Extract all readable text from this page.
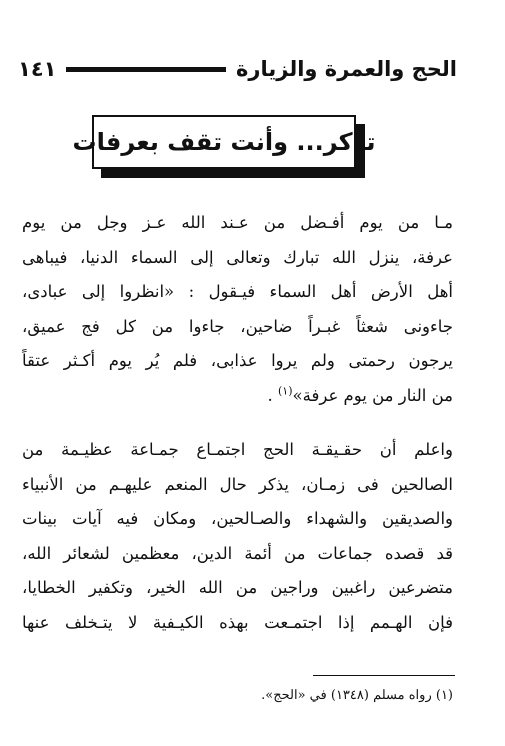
الحج والعمرة والزيارة
١٤١
تذكر... وأنت تقف بعرفات
مـا من يوم أفـضل من عـند الله عـز وجل من يوم
عرفة، ينزل الله تبارك وتعالى إلى السماء الدنيا، فيباهى
أهل الأرض أهل السماء فيـقول : «انظروا إلى عبادى،
جاءونى شعثاً غبـراً ضاحين، جاءوا من كل فج عميق،
يرجون رحمتى ولم يروا عذابى، فلم يُر يوم أكـثر عتقاً
من النار من يوم عرفة»$^{(١)}$ .
واعلم أن حقـيقـة الحج اجتمـاع جمـاعة عظيـمة من
الصالحين فى زمـان، يذكر حال المنعم عليهـم من الأنبياء
والصديقين والشهداء والصـالحين، ومكان فيه آيات بينات
قد قصده جماعات من أئمة الدين، معظمين لشعائر الله،
متضرعين راغبين وراجين من الله الخير، وتكفير الخطايا،
فإن الهـمم إذا اجتمـعت بهذه الكيـفية لا يتـخلف عنها
(١) رواه مسلم (١٣٤٨) في «الحج».
